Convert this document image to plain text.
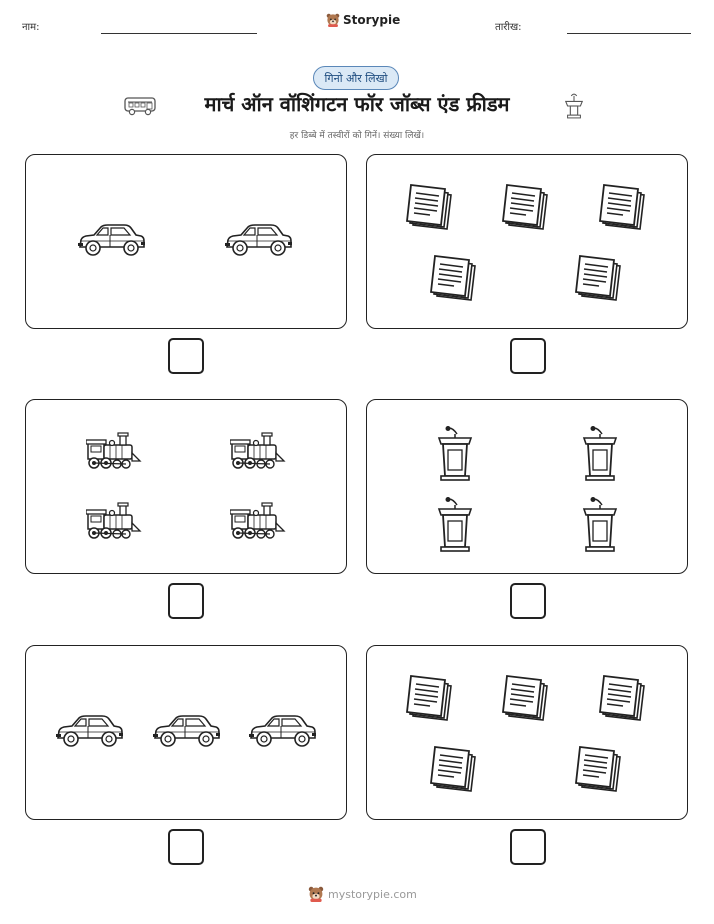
नाम:
Storypie
तारीख:
गिनो और लिखो
मार्च ऑन वॉशिंगटन फॉर जॉब्स एंड फ्रीडम
हर डिब्बे में तस्वीरों को गिनें। संख्या लिखें।
mystorypie.com
